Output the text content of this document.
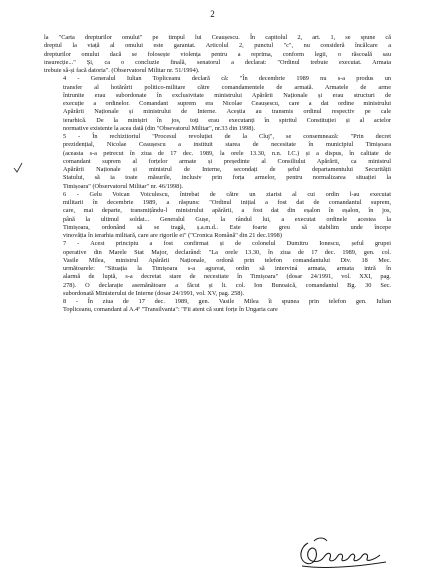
2

la "Carta drepturilor omului" pe timpul lui Ceaușescu. În capitolul 2, art. 1, se spune că
dreptul la viață al omului este garantat. Articolul 2, punctul "c", nu consideră încălcare a
drepturilor omului dacă se folosește violența pentru a reprima, conform legii, o răscoală sau
insurecție..." Și, ca o concluzie finală, senatorul a declarat: "Ordinul trebuie executat. Armata
trebuie să-și facă datoria". (Observatorul Militar nr. 51/1994).

4 - Generalul Iulian Topliceanu declară că: "În decembrie 1989 nu s-a produs un
transfer al hotărârii politico-militare către comandamentele de armată. Armatele de arme
întrunite erau subordonate în exclusivitate ministrului Apărării Naționale și erau structuri de
execuție a ordinelor. Comandant suprem era Nicolae Ceaușescu, care a dat ordine ministrului
Apărării Naționale și ministrului de Interne. Aceștia au transmis ordinul respectiv pe cale
ierarhică. De la miniștri în jos, toți erau executanți în spiritul Constituției și al actelor
normative existente la acea dată (din "Obsevatorul Militar", nr.33 din 1998).

5 - În rechizitoriul "Procesul revoluției de la Cluj", se consemnează: "Prin decret
prezidențial, Nicolae Ceaușescu a instituit starea de necesitate în municipiul Timișoara
(aceasta s-a petrecut în ziua de 17 dec. 1989, la orele 13.30, n.n. I.C.) și a dispus, în calitate de
comandant suprem al forțelor armate și președinte al Consiliului Apărării, ca ministrul
Apărării Naționale și ministrul de Interne, secondați de șeful departamentului Securității
Statului, să ia toate măsurile, inclusiv prin forța armelor, pentru normalizarea situației la
Timișoara" (Observatorul Militar" nr. 46/1998).

6 - Gelu Voican Voiculescu, întrebat de către un ziarist al cui ordin l-au executat
militarii în decembrie 1989, a răspuns: "Ordinul inițial a fost dat de comandantul suprem,
care, mai departe, transmițându-l ministrului apărării, a fost dat din eșalon în eșalon, în jos,
până la ultimul soldat... Generalul Gușe, la rândul lui, a executat ordinele acestea la
Timișoara, ordonând să se tragă, ș.a.m.d.. Este foarte greu să stabilim unde începe
vinovăția în ierarhia militară, care are rigorile ei" ("Cronica Română" din 21 dec.1998)

7 - Acest principiu a fost confirmat și de colonelul Dumitru Ionescu, șeful grupei
operative din Marele Stat Major, declarând: "La orele 13.30, în ziua de 17 dec. 1989, gen. col.
Vasile Milea, ministrul Apărării Naționale, ordonă prin telefon comandantului Div. 18 Mec.
următoarele: "Situația la Timișoara s-a agravat, ordin să interviná armata, armata intră în
alarmă de luptă, s-a decretat stare de necesitate în Timișoara" (dosar 24/1991, vol. XXI, pag.
278). O declarație asemănătoare a făcut și lt. col. Ion Bunoaică, comandantul Bg. 30 Sec.
subordonată Ministerului de Interne (dosar 24/1991, vol. XV, pag. 258).

8 - În ziua de 17 dec. 1989, gen. Vasile Milea îi spunea prin telefon gen. Iulian
Topliceanu, comandant al A.4ª "Transilvania": "Fii atent că sunt forțe în Ungaria care
